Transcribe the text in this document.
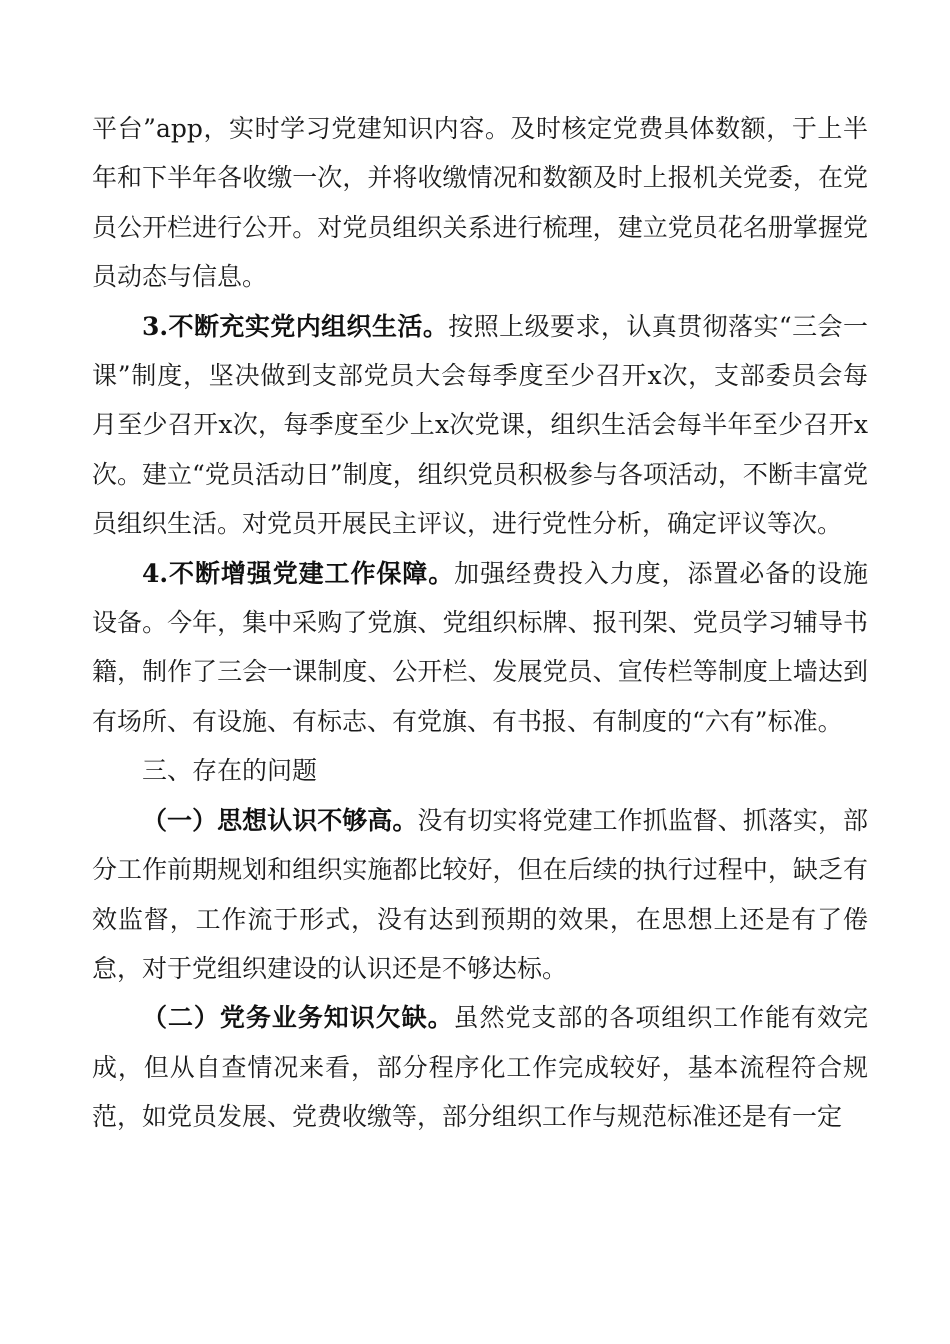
平台”app，实时学习党建知识内容。及时核定党费具体数额，于上半年和下半年各收缴一次，并将收缴情况和数额及时上报机关党委，在党员公开栏进行公开。对党员组织关系进行梳理，建立党员花名册掌握党员动态与信息。

3.不断充实党内组织生活。按照上级要求，认真贯彻落实“三会一课”制度，坚决做到支部党员大会每季度至少召开x次，支部委员会每月至少召开x次，每季度至少上x次党课，组织生活会每半年至少召开x次。建立“党员活动日”制度，组织党员积极参与各项活动，不断丰富党员组织生活。对党员开展民主评议，进行党性分析，确定评议等次。

4.不断增强党建工作保障。加强经费投入力度，添置必备的设施设备。今年，集中采购了党旗、党组织标牌、报刊架、党员学习辅导书籍，制作了三会一课制度、公开栏、发展党员、宣传栏等制度上墙达到有场所、有设施、有标志、有党旗、有书报、有制度的“六有”标准。

三、存在的问题

（一）思想认识不够高。没有切实将党建工作抓监督、抓落实，部分工作前期规划和组织实施都比较好，但在后续的执行过程中，缺乏有效监督，工作流于形式，没有达到预期的效果，在思想上还是有了倦怠，对于党组织建设的认识还是不够达标。

（二）党务业务知识欠缺。虽然党支部的各项组织工作能有效完成，但从自查情况来看，部分程序化工作完成较好，基本流程符合规范，如党员发展、党费收缴等，部分组织工作与规范标准还是有一定
